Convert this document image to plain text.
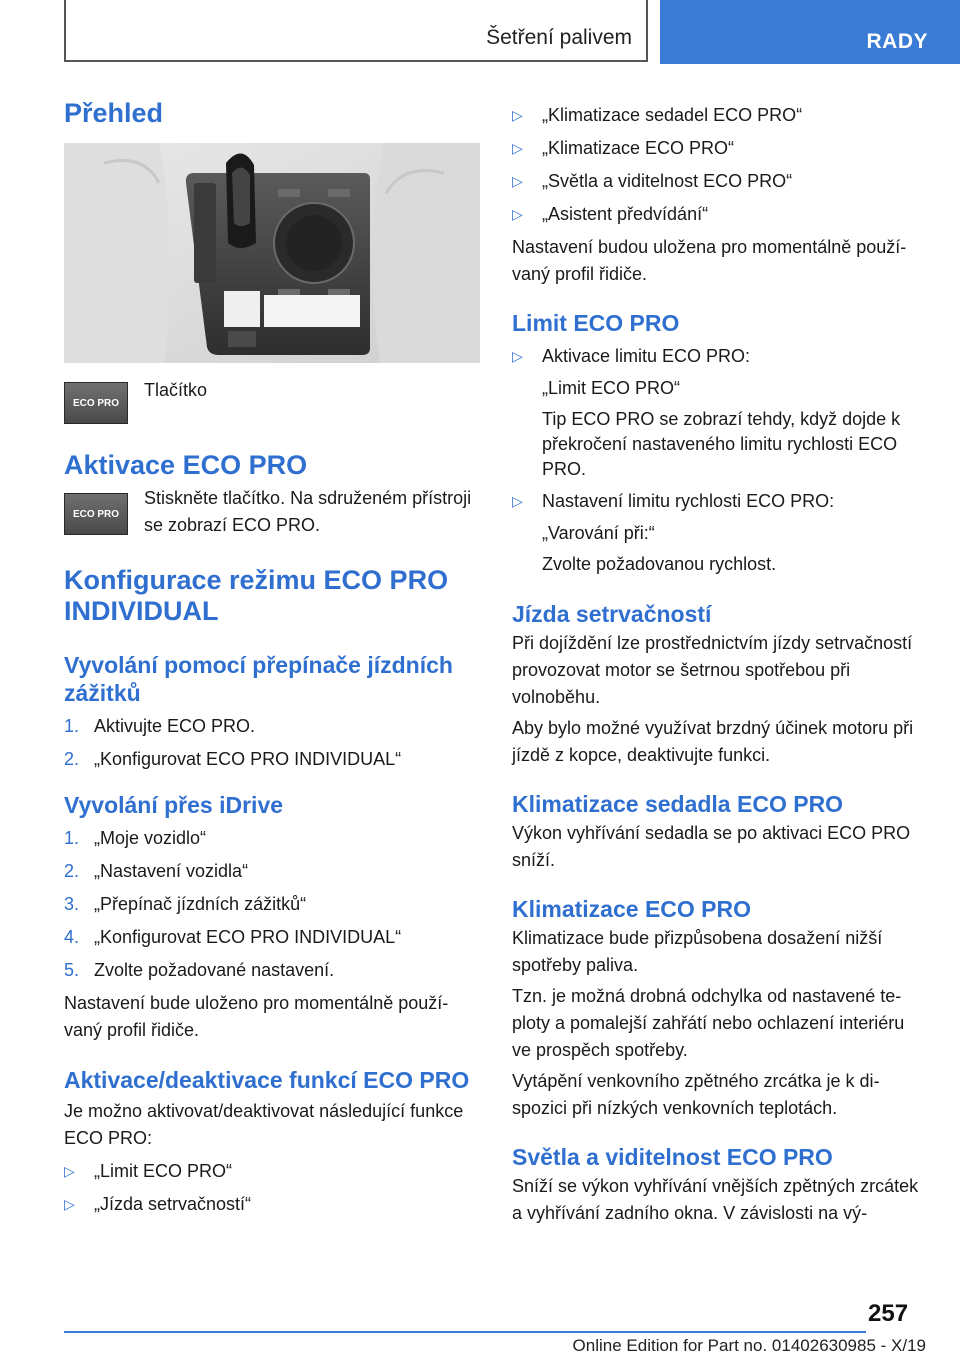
Šetření palivem	RADY
Přehled
ECO PRO

Tlačítko

Aktivace ECO PRO
ECO PRO

Stiskněte tlačítko. Na sdruženém přístroji se zobrazí ECO PRO.

Konfigurace režimu ECO PRO INDIVIDUAL
Vyvolání pomocí přepínače jízdních zážitků
1. Aktivujte ECO PRO.
2. „Konfigurovat ECO PRO INDIVIDUAL“
Vyvolání přes iDrive
1. „Moje vozidlo“
2. „Nastavení vozidla“
3. „Přepínač jízdních zážitků“
4. „Konfigurovat ECO PRO INDIVIDUAL“
5. Zvolte požadované nastavení.

Nastavení bude uloženo pro momentálně používaný profil řidiče.

Aktivace/deaktivace funkcí ECO PRO

Je možno aktivovat/deaktivovat následující funkce ECO PRO:

▷	„Limit ECO PRO“
▷	„Jízda setrvačností“
▷	„Klimatizace sedadel ECO PRO“
▷	„Klimatizace ECO PRO“
▷	„Světla a viditelnost ECO PRO“
▷	„Asistent předvídání“

Nastavení budou uložena pro momentálně používaný profil řidiče.

Limit ECO PRO
▷	Aktivace limitu ECO PRO:
„Limit ECO PRO“
Tip ECO PRO se zobrazí tehdy, když dojde k překročení nastaveného limitu rychlosti ECO PRO.
▷	Nastavení limitu rychlosti ECO PRO:
„Varování při:“
Zvolte požadovanou rychlost.
Jízda setrvačností

Při dojíždění lze prostřednictvím jízdy setrvačností provozovat motor se šetrnou spotřebou při volnoběhu.

Aby bylo možné využívat brzdný účinek motoru při jízdě z kopce, deaktivujte funkci.

Klimatizace sedadla ECO PRO

Výkon vyhřívání sedadla se po aktivaci ECO PRO sníží.

Klimatizace ECO PRO

Klimatizace bude přizpůsobena dosažení nižší spotřeby paliva.

Tzn. je možná drobná odchylka od nastavené teploty a pomalejší zahřátí nebo ochlazení interiéru ve prospěch spotřeby.

Vytápění venkovního zpětného zrcátka je k dispozici při nízkých venkovních teplotách.

Světla a viditelnost ECO PRO

Sníží se výkon vyhřívání vnějších zpětných zrcátek a vyhřívání zadního okna. V závislosti na vý-

257
Online Edition for Part no. 01402630985 - X/19
